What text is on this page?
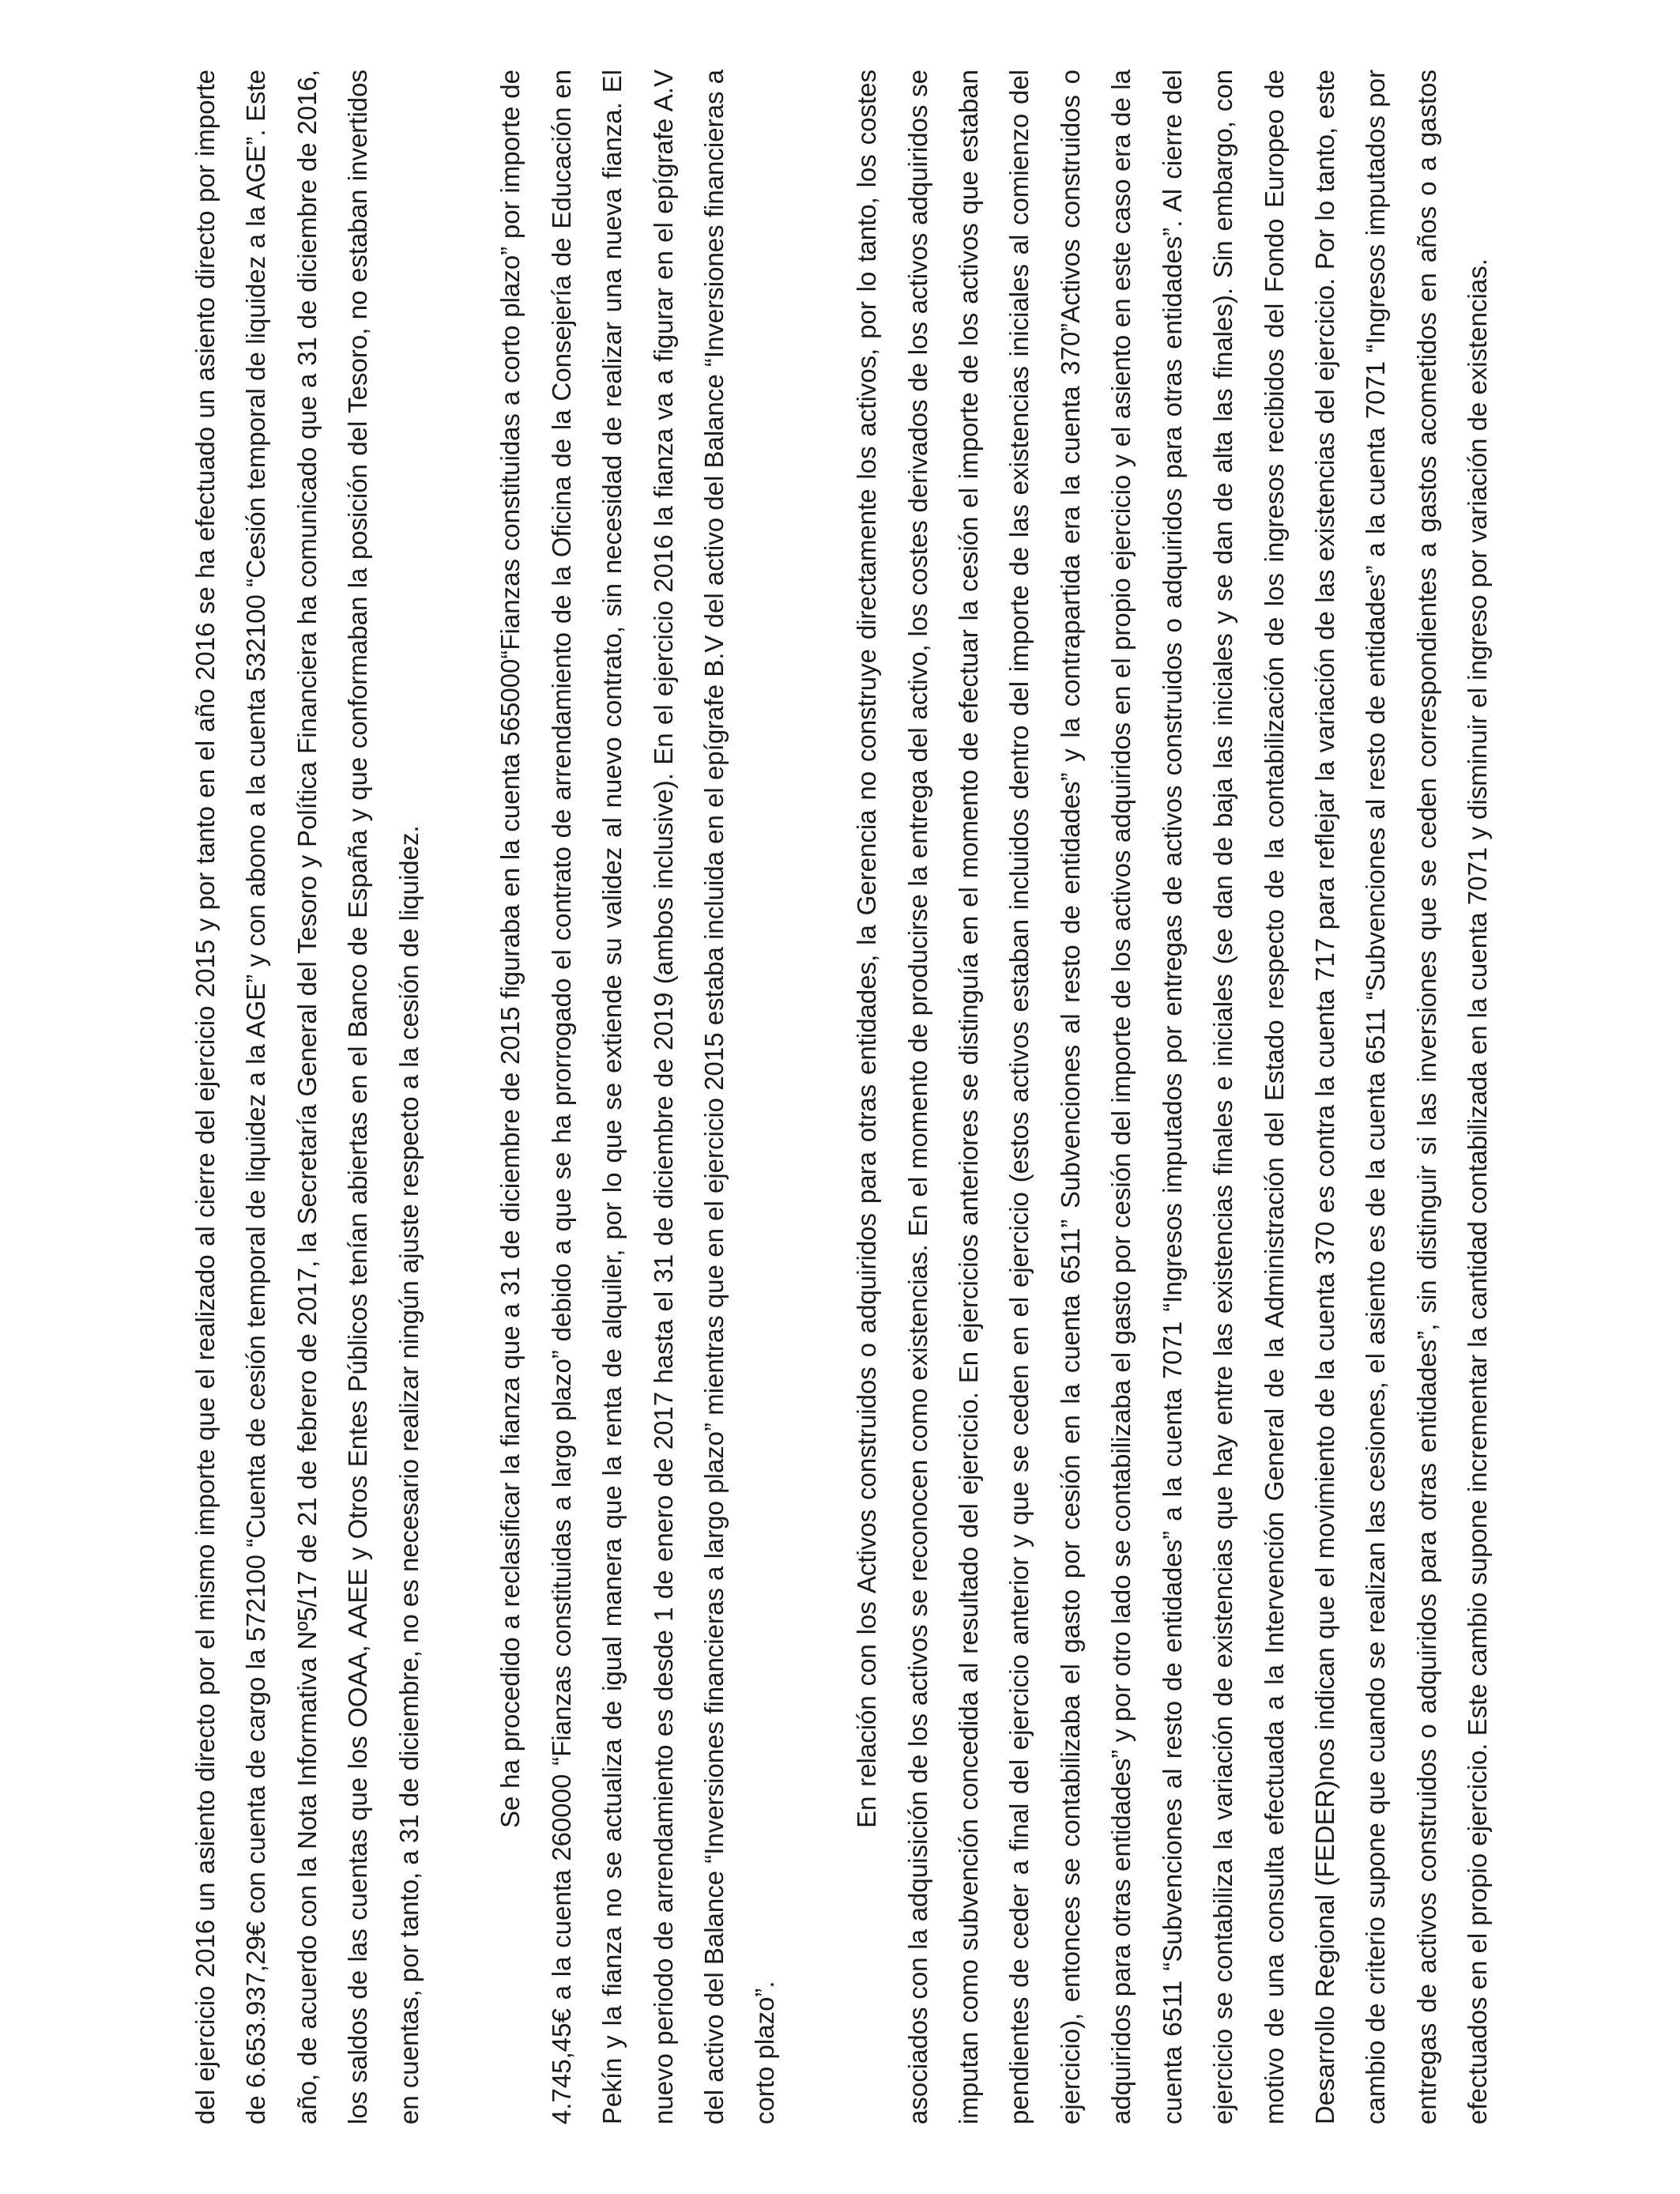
del ejercicio 2016 un asiento directo por el mismo importe que el realizado al cierre del ejercicio 2015 y por tanto en el año 2016 se ha efectuado un asiento directo por importe de 6.653.937,29€ con cuenta de cargo la 572100 “Cuenta de cesión temporal de liquidez a la AGE” y con abono a la cuenta 532100 “Cesión temporal de liquidez a la AGE”. Este año, de acuerdo con la Nota Informativa Nº5/17 de 21 de febrero de 2017, la Secretaría General del Tesoro y Política Financiera ha comunicado que a 31 de diciembre de 2016, los saldos de las cuentas que los OOAA, AAEE y Otros Entes Públicos tenían abiertas en el Banco de España y que conformaban la posición del Tesoro, no estaban invertidos en cuentas, por tanto, a 31 de diciembre, no es necesario realizar ningún ajuste respecto a la cesión de liquidez.	Se ha procedido a reclasificar la fianza que a 31 de diciembre de 2015 figuraba en la cuenta 565000“Fianzas constituidas a corto plazo” por importe de 4.745,45€ a la cuenta 260000 “Fianzas constituidas a largo plazo” debido a que se ha prorrogado el contrato de arrendamiento de la Oficina de la Consejería de Educación en Pekín y la fianza no se actualiza de igual manera que la renta de alquiler, por lo que se extiende su validez al nuevo contrato, sin necesidad de realizar una nueva fianza. El nuevo periodo de arrendamiento es desde 1 de enero de 2017 hasta el 31 de diciembre de 2019 (ambos inclusive). En el ejercicio 2016 la fianza va a figurar en el epígrafe A.V del activo del Balance “Inversiones financieras a largo plazo” mientras que en el ejercicio 2015 estaba incluida en el epígrafe B.V del activo del Balance “Inversiones financieras a corto plazo”.

En relación con los Activos construidos o adquiridos para otras entidades, la Gerencia no construye directamente los activos, por lo tanto, los costes asociados con la adquisición de los activos se reconocen como existencias. En el momento de producirse la entrega del activo, los costes derivados de los activos adquiridos se imputan como subvención concedida al resultado del ejercicio. En ejercicios anteriores se distinguía en el momento de efectuar la cesión el importe de los activos que estaban pendientes de ceder a final del ejercicio anterior y que se ceden en el ejercicio (estos activos estaban incluidos dentro del importe de las existencias iniciales al comienzo del ejercicio), entonces se contabilizaba el gasto por cesión en la cuenta 6511” Subvenciones al resto de entidades” y la contrapartida era la cuenta 370”Activos construidos o adquiridos para otras entidades” y por otro lado se contabilizaba el gasto por cesión del importe de los activos adquiridos en el propio ejercicio y el asiento en este caso era de la cuenta 6511 “Subvenciones al resto de entidades” a la cuenta 7071 “Ingresos imputados por entregas de activos construidos o adquiridos para otras entidades”. Al cierre del ejercicio se contabiliza la variación de existencias que hay entre las existencias finales e iniciales (se dan de baja las iniciales y se dan de alta las finales). Sin embargo, con motivo de una consulta efectuada a la Intervención General de la Administración del Estado respecto de la contabilización de los ingresos recibidos del Fondo Europeo de Desarrollo Regional (FEDER)nos indican que el movimiento de la cuenta 370 es contra la cuenta 717 para reflejar la variación de las existencias del ejercicio. Por lo tanto, este cambio de criterio supone que cuando se realizan las cesiones, el asiento es de la cuenta 6511 “Subvenciones al resto de entidades” a la cuenta 7071 “Ingresos imputados por entregas de activos construidos o adquiridos para otras entidades”, sin distinguir si las inversiones que se ceden correspondientes a gastos acometidos en años o a gastos efectuados en el propio ejercicio. Este cambio supone incrementar la cantidad contabilizada en la cuenta 7071 y disminuir el ingreso por variación de existencias.
